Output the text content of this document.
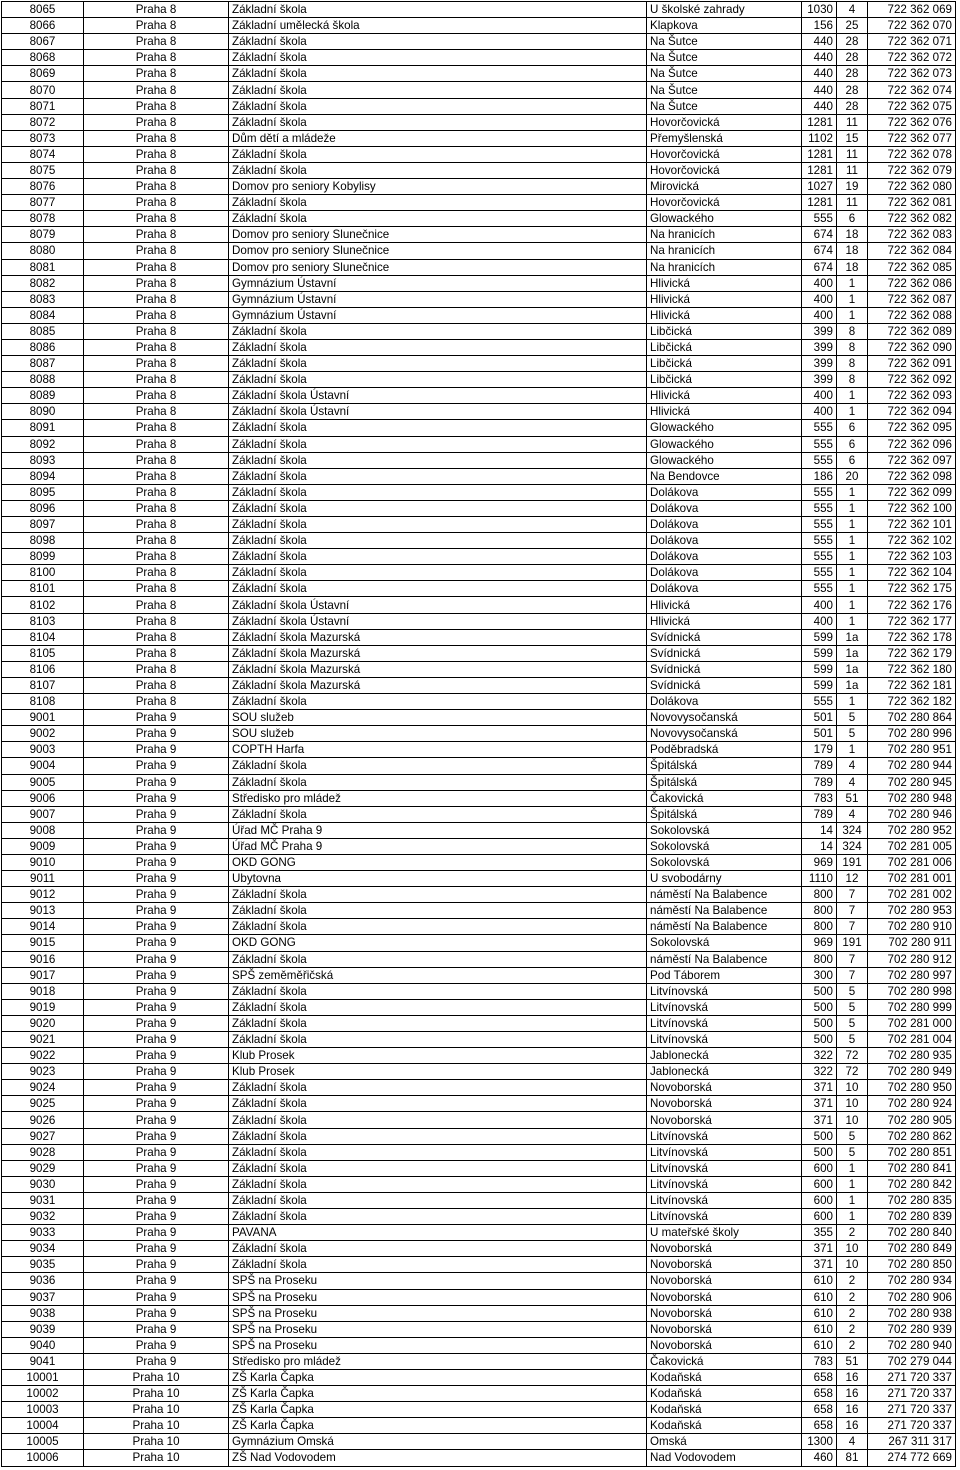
8065	Praha 8	Základní škola	U školské zahrady	1030	4	722 362 069
8066	Praha 8	Základní umělecká škola	Klapkova	156	25	722 362 070
8067	Praha 8	Základní škola	Na Šutce	440	28	722 362 071
8068	Praha 8	Základní škola	Na Šutce	440	28	722 362 072
8069	Praha 8	Základní škola	Na Šutce	440	28	722 362 073
8070	Praha 8	Základní škola	Na Šutce	440	28	722 362 074
8071	Praha 8	Základní škola	Na Šutce	440	28	722 362 075
8072	Praha 8	Základní škola	Hovorčovická	1281	11	722 362 076
8073	Praha 8	Dům dětí a mládeže	Přemyšlenská	1102	15	722 362 077
8074	Praha 8	Základní škola	Hovorčovická	1281	11	722 362 078
8075	Praha 8	Základní škola	Hovorčovická	1281	11	722 362 079
8076	Praha 8	Domov pro seniory Kobylisy	Mirovická	1027	19	722 362 080
8077	Praha 8	Základní škola	Hovorčovická	1281	11	722 362 081
8078	Praha 8	Základní škola	Glowackého	555	6	722 362 082
8079	Praha 8	Domov pro seniory Slunečnice	Na hranicích	674	18	722 362 083
8080	Praha 8	Domov pro seniory Slunečnice	Na hranicích	674	18	722 362 084
8081	Praha 8	Domov pro seniory Slunečnice	Na hranicích	674	18	722 362 085
8082	Praha 8	Gymnázium Ústavní	Hlivická	400	1	722 362 086
8083	Praha 8	Gymnázium Ústavní	Hlivická	400	1	722 362 087
8084	Praha 8	Gymnázium Ústavní	Hlivická	400	1	722 362 088
8085	Praha 8	Základní škola	Libčická	399	8	722 362 089
8086	Praha 8	Základní škola	Libčická	399	8	722 362 090
8087	Praha 8	Základní škola	Libčická	399	8	722 362 091
8088	Praha 8	Základní škola	Libčická	399	8	722 362 092
8089	Praha 8	Základní škola Ústavní	Hlivická	400	1	722 362 093
8090	Praha 8	Základní škola Ústavní	Hlivická	400	1	722 362 094
8091	Praha 8	Základní škola	Glowackého	555	6	722 362 095
8092	Praha 8	Základní škola	Glowackého	555	6	722 362 096
8093	Praha 8	Základní škola	Glowackého	555	6	722 362 097
8094	Praha 8	Základní škola	Na Bendovce	186	20	722 362 098
8095	Praha 8	Základní škola	Dolákova	555	1	722 362 099
8096	Praha 8	Základní škola	Dolákova	555	1	722 362 100
8097	Praha 8	Základní škola	Dolákova	555	1	722 362 101
8098	Praha 8	Základní škola	Dolákova	555	1	722 362 102
8099	Praha 8	Základní škola	Dolákova	555	1	722 362 103
8100	Praha 8	Základní škola	Dolákova	555	1	722 362 104
8101	Praha 8	Základní škola	Dolákova	555	1	722 362 175
8102	Praha 8	Základní škola Ústavní	Hlivická	400	1	722 362 176
8103	Praha 8	Základní škola Ústavní	Hlivická	400	1	722 362 177
8104	Praha 8	Základní škola Mazurská	Svídnická	599	1a	722 362 178
8105	Praha 8	Základní škola Mazurská	Svídnická	599	1a	722 362 179
8106	Praha 8	Základní škola Mazurská	Svídnická	599	1a	722 362 180
8107	Praha 8	Základní škola Mazurská	Svídnická	599	1a	722 362 181
8108	Praha 8	Základní škola	Dolákova	555	1	722 362 182
9001	Praha 9	SOU služeb	Novovysočanská	501	5	702 280 864
9002	Praha 9	SOU služeb	Novovysočanská	501	5	702 280 996
9003	Praha 9	COPTH Harfa	Poděbradská	179	1	702 280 951
9004	Praha 9	Základní škola	Špitálská	789	4	702 280 944
9005	Praha 9	Základní škola	Špitálská	789	4	702 280 945
9006	Praha 9	Středisko pro mládež	Čakovická	783	51	702 280 948
9007	Praha 9	Základní škola	Špitálská	789	4	702 280 946
9008	Praha 9	Úřad MČ Praha 9	Sokolovská	14	324	702 280 952
9009	Praha 9	Úřad MČ Praha 9	Sokolovská	14	324	702 281 005
9010	Praha 9	OKD GONG	Sokolovská	969	191	702 281 006
9011	Praha 9	Ubytovna	U svobodárny	1110	12	702 281 001
9012	Praha 9	Základní škola	náměstí Na Balabence	800	7	702 281 002
9013	Praha 9	Základní škola	náměstí Na Balabence	800	7	702 280 953
9014	Praha 9	Základní škola	náměstí Na Balabence	800	7	702 280 910
9015	Praha 9	OKD GONG	Sokolovská	969	191	702 280 911
9016	Praha 9	Základní škola	náměstí Na Balabence	800	7	702 280 912
9017	Praha 9	SPŠ zeměměřičská	Pod Táborem	300	7	702 280 997
9018	Praha 9	Základní škola	Litvínovská	500	5	702 280 998
9019	Praha 9	Základní škola	Litvínovská	500	5	702 280 999
9020	Praha 9	Základní škola	Litvínovská	500	5	702 281 000
9021	Praha 9	Základní škola	Litvínovská	500	5	702 281 004
9022	Praha 9	Klub Prosek	Jablonecká	322	72	702 280 935
9023	Praha 9	Klub Prosek	Jablonecká	322	72	702 280 949
9024	Praha 9	Základní škola	Novoborská	371	10	702 280 950
9025	Praha 9	Základní škola	Novoborská	371	10	702 280 924
9026	Praha 9	Základní škola	Novoborská	371	10	702 280 905
9027	Praha 9	Základní škola	Litvínovská	500	5	702 280 862
9028	Praha 9	Základní škola	Litvínovská	500	5	702 280 851
9029	Praha 9	Základní škola	Litvínovská	600	1	702 280 841
9030	Praha 9	Základní škola	Litvínovská	600	1	702 280 842
9031	Praha 9	Základní škola	Litvínovská	600	1	702 280 835
9032	Praha 9	Základní škola	Litvínovská	600	1	702 280 839
9033	Praha 9	PAVANA	U mateřské školy	355	2	702 280 840
9034	Praha 9	Základní škola	Novoborská	371	10	702 280 849
9035	Praha 9	Základní škola	Novoborská	371	10	702 280 850
9036	Praha 9	SPŠ na Proseku	Novoborská	610	2	702 280 934
9037	Praha 9	SPŠ na Proseku	Novoborská	610	2	702 280 906
9038	Praha 9	SPŠ na Proseku	Novoborská	610	2	702 280 938
9039	Praha 9	SPŠ na Proseku	Novoborská	610	2	702 280 939
9040	Praha 9	SPŠ na Proseku	Novoborská	610	2	702 280 940
9041	Praha 9	Středisko pro mládež	Čakovická	783	51	702 279 044
10001	Praha 10	ZŠ Karla Čapka	Kodaňská	658	16	271 720 337
10002	Praha 10	ZŠ Karla Čapka	Kodaňská	658	16	271 720 337
10003	Praha 10	ZŠ Karla Čapka	Kodaňská	658	16	271 720 337
10004	Praha 10	ZŠ Karla Čapka	Kodaňská	658	16	271 720 337
10005	Praha 10	Gymnázium Omská	Omská	1300	4	267 311 317
10006	Praha 10	ZŠ Nad Vodovodem	Nad Vodovodem	460	81	274 772 669
